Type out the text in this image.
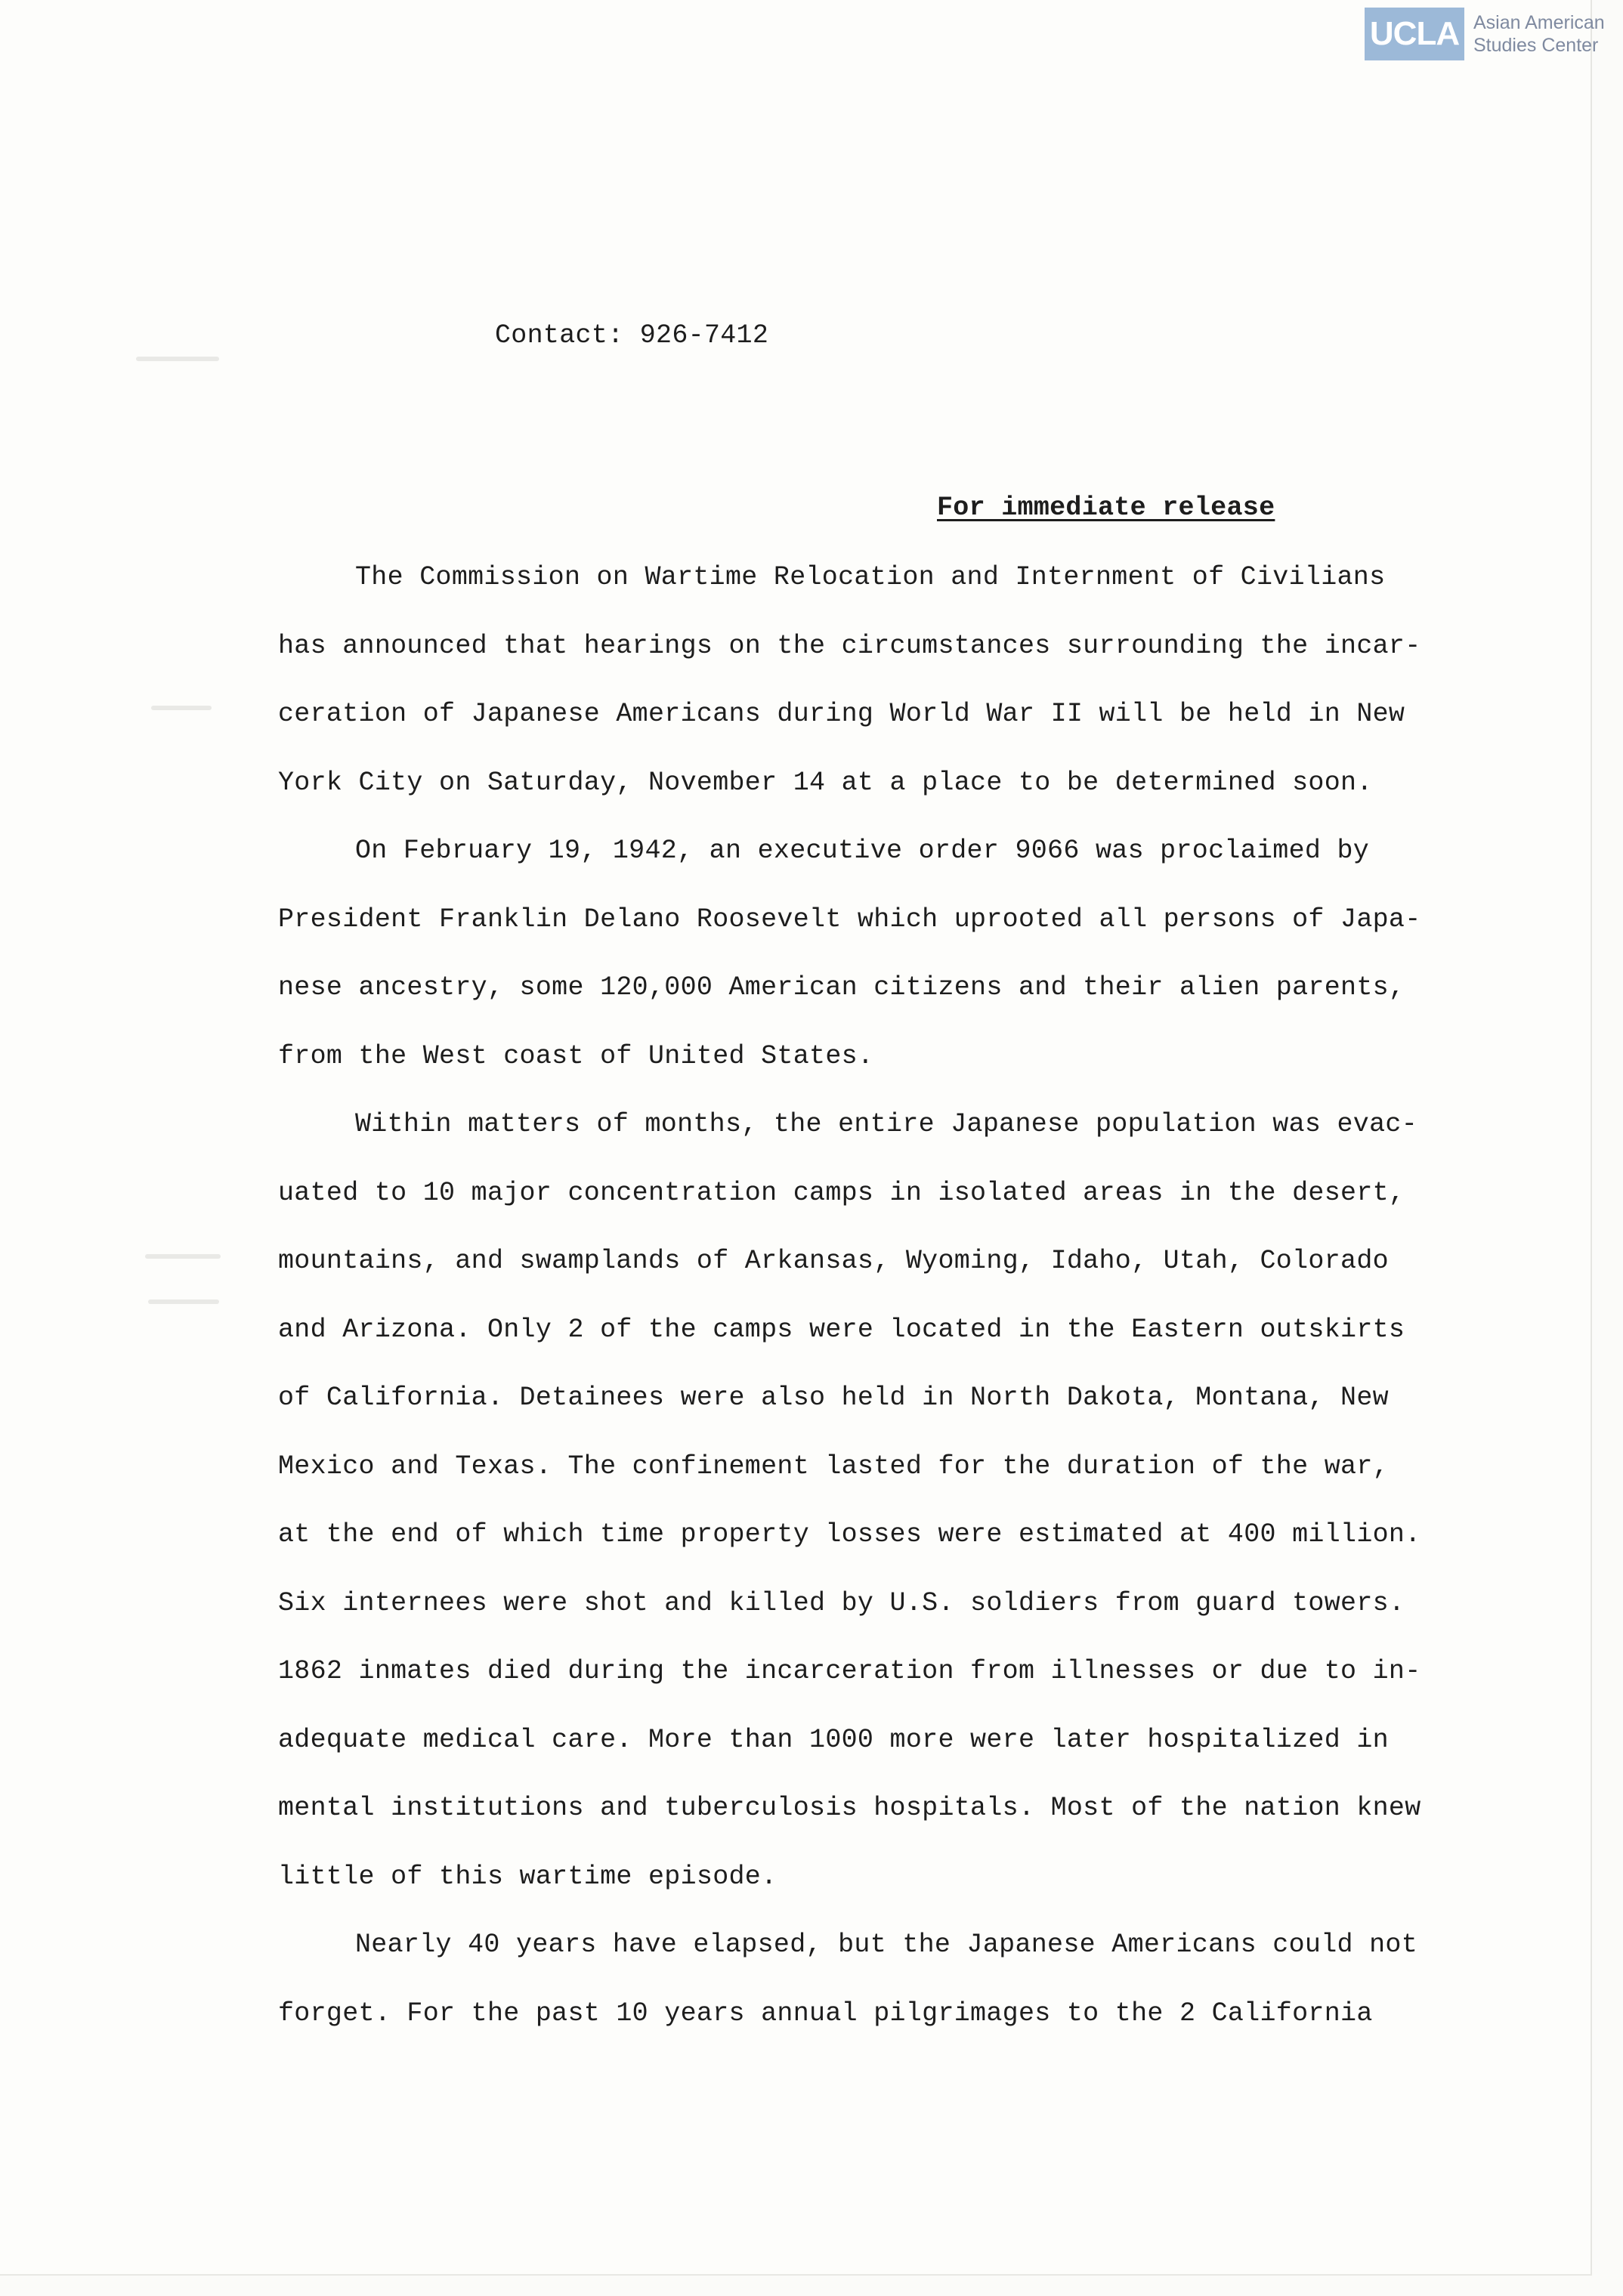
UCLA Asian American
Studies Center
Contact: 926-7412
For immediate release
The Commission on Wartime Relocation and Internment of Civilians
has announced that hearings on the circumstances surrounding the incar-
ceration of Japanese Americans during World War II will be held in New
York City on Saturday, November 14 at a place to be determined soon.
On February 19, 1942, an executive order 9066 was proclaimed by
President Franklin Delano Roosevelt which uprooted all persons of Japa-
nese ancestry, some 120,000 American citizens and their alien parents,
from the West coast of United States.
Within matters of months, the entire Japanese population was evac-
uated to 10 major concentration camps in isolated areas in the desert,
mountains, and swamplands of Arkansas, Wyoming, Idaho, Utah, Colorado
and Arizona. Only 2 of the camps were located in the Eastern outskirts
of California. Detainees were also held in North Dakota, Montana, New
Mexico and Texas. The confinement lasted for the duration of the war,
at the end of which time property losses were estimated at 400 million.
Six internees were shot and killed by U.S. soldiers from guard towers.
1862 inmates died during the incarceration from illnesses or due to in-
adequate medical care. More than 1000 more were later hospitalized in
mental institutions and tuberculosis hospitals. Most of the nation knew
little of this wartime episode.
Nearly 40 years have elapsed, but the Japanese Americans could not
forget. For the past 10 years annual pilgrimages to the 2 California
